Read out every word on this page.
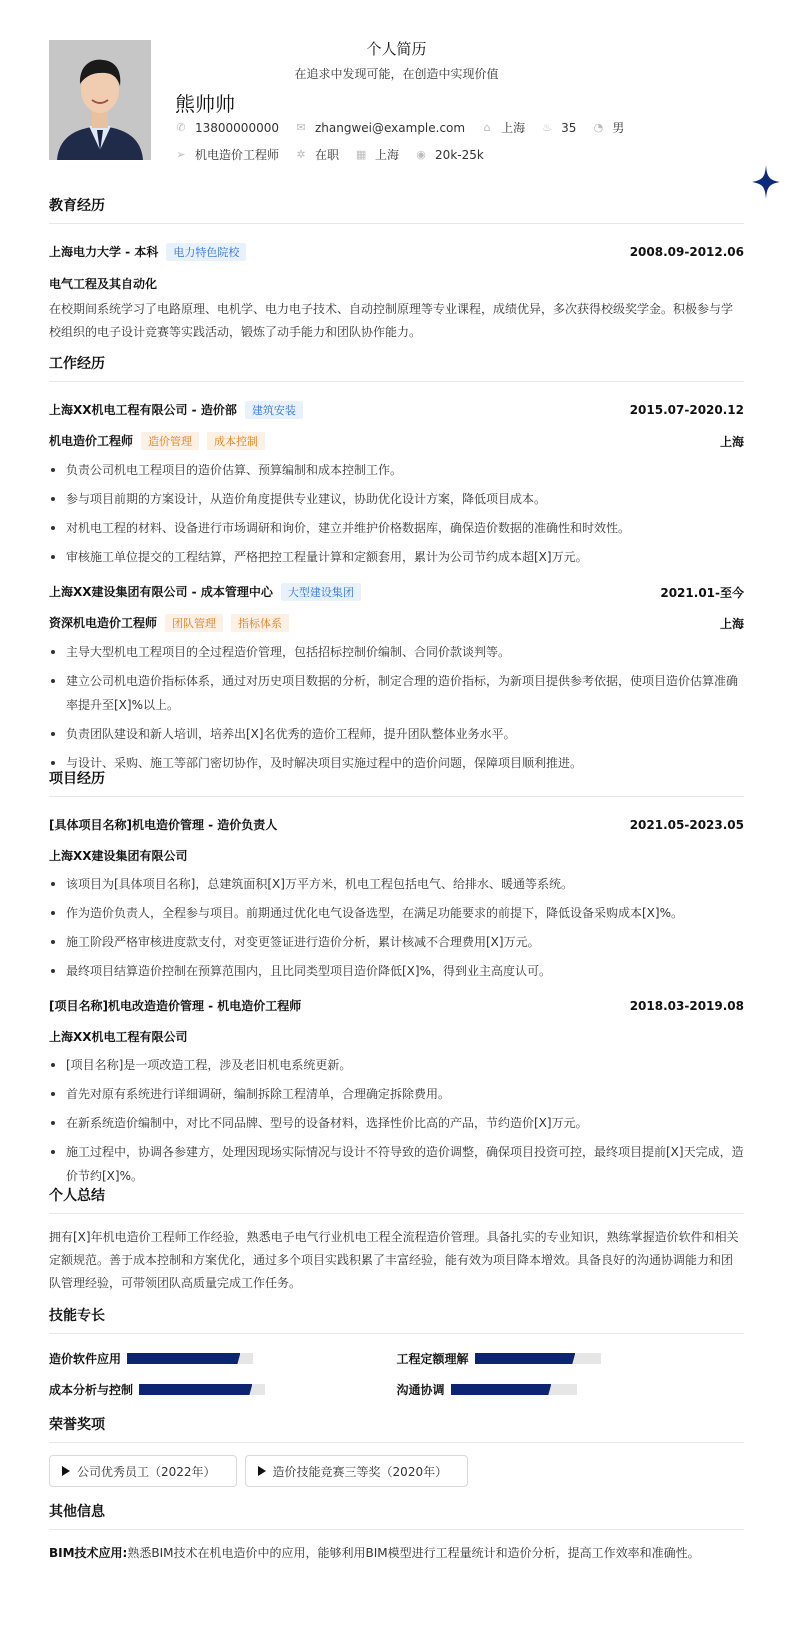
个人简历
在追求中发现可能，在创造中实现价值
熊帅帅
✆ 13800000000 ✉ zhangwei@example.com ⌂ 上海 ♨ 35 ◔ 男
➢ 机电造价工程师 ✲ 在职 ▦ 上海 ◉ 20k-25k
教育经历
上海电力大学 - 本科 电力特色院校	2008.09-2012.06
电气工程及其自动化
在校期间系统学习了电路原理、电机学、电力电子技术、自动控制原理等专业课程，成绩优异，多次获得校级奖学金。积极参与学校组织的电子设计竞赛等实践活动，锻炼了动手能力和团队协作能力。
工作经历
上海XX机电工程有限公司 - 造价部 建筑安装	2015.07-2020.12
机电造价工程师 造价管理 成本控制	上海
负责公司机电工程项目的造价估算、预算编制和成本控制工作。
参与项目前期的方案设计，从造价角度提供专业建议，协助优化设计方案，降低项目成本。
对机电工程的材料、设备进行市场调研和询价，建立并维护价格数据库，确保造价数据的准确性和时效性。
审核施工单位提交的工程结算，严格把控工程量计算和定额套用，累计为公司节约成本超[X]万元。
上海XX建设集团有限公司 - 成本管理中心 大型建设集团	2021.01-至今
资深机电造价工程师 团队管理 指标体系	上海
主导大型机电工程项目的全过程造价管理，包括招标控制价编制、合同价款谈判等。
建立公司机电造价指标体系，通过对历史项目数据的分析，制定合理的造价指标，为新项目提供参考依据，使项目造价估算准确率提升至[X]%以上。
负责团队建设和新人培训，培养出[X]名优秀的造价工程师，提升团队整体业务水平。
与设计、采购、施工等部门密切协作，及时解决项目实施过程中的造价问题，保障项目顺利推进。
项目经历
[具体项目名称]机电造价管理 - 造价负责人	2021.05-2023.05
上海XX建设集团有限公司
该项目为[具体项目名称]，总建筑面积[X]万平方米，机电工程包括电气、给排水、暖通等系统。
作为造价负责人，全程参与项目。前期通过优化电气设备选型，在满足功能要求的前提下，降低设备采购成本[X]%。
施工阶段严格审核进度款支付，对变更签证进行造价分析，累计核减不合理费用[X]万元。
最终项目结算造价控制在预算范围内，且比同类型项目造价降低[X]%，得到业主高度认可。
[项目名称]机电改造造价管理 - 机电造价工程师	2018.03-2019.08
上海XX机电工程有限公司
[项目名称]是一项改造工程，涉及老旧机电系统更新。
首先对原有系统进行详细调研，编制拆除工程清单，合理确定拆除费用。
在新系统造价编制中，对比不同品牌、型号的设备材料，选择性价比高的产品，节约造价[X]万元。
施工过程中，协调各参建方，处理因现场实际情况与设计不符导致的造价调整，确保项目投资可控，最终项目提前[X]天完成，造价节约[X]%。
个人总结
拥有[X]年机电造价工程师工作经验，熟悉电子电气行业机电工程全流程造价管理。具备扎实的专业知识，熟练掌握造价软件和相关定额规范。善于成本控制和方案优化，通过多个项目实践积累了丰富经验，能有效为项目降本增效。具备良好的沟通协调能力和团队管理经验，可带领团队高质量完成工作任务。
技能专长
造价软件应用	工程定额理解
成本分析与控制	沟通协调
荣誉奖项
公司优秀员工（2022年）	造价技能竞赛三等奖（2020年）
其他信息
BIM技术应用:熟悉BIM技术在机电造价中的应用，能够利用BIM模型进行工程量统计和造价分析，提高工作效率和准确性。
